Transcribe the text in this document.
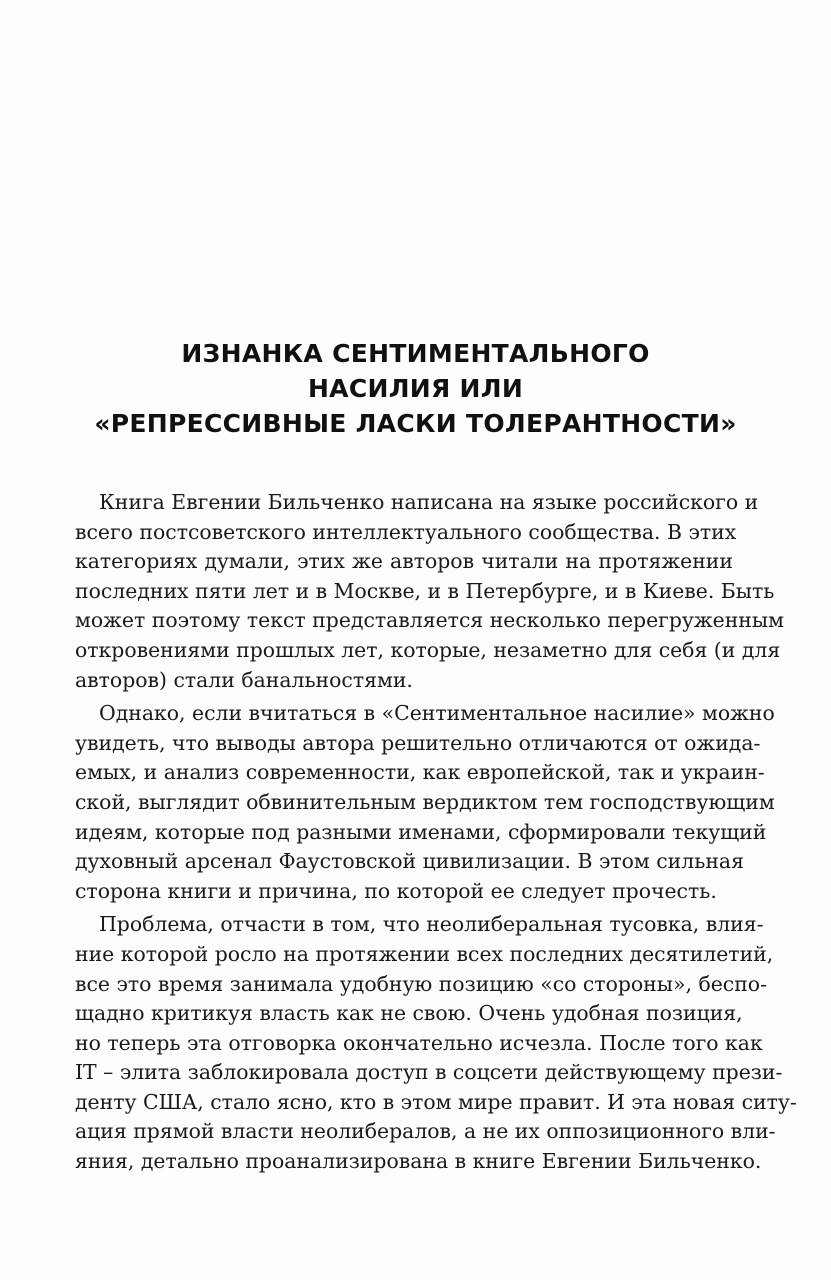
ИЗНАНКА СЕНТИМЕНТАЛЬНОГО
НАСИЛИЯ ИЛИ
«РЕПРЕССИВНЫЕ ЛАСКИ ТОЛЕРАНТНОСТИ»
Книга Евгении Бильченко написана на языке российского и
всего постсоветского интеллектуального сообщества. В этих
категориях думали, этих же авторов читали на протяжении
последних пяти лет и в Москве, и в Петербурге, и в Киеве. Быть
может поэтому текст представляется несколько перегруженным
откровениями прошлых лет, которые, незаметно для себя (и для
авторов) стали банальностями.
Однако, если вчитаться в «Сентиментальное насилие» можно
увидеть, что выводы автора решительно отличаются от ожида-
емых, и анализ современности, как европейской, так и украин-
ской, выглядит обвинительным вердиктом тем господствующим
идеям, которые под разными именами, сформировали текущий
духовный арсенал Фаустовской цивилизации. В этом сильная
сторона книги и причина, по которой ее следует прочесть.
Проблема, отчасти в том, что неолиберальная тусовка, влия-
ние которой росло на протяжении всех последних десятилетий,
все это время занимала удобную позицию «со стороны», беспо-
щадно критикуя власть как не свою. Очень удобная позиция,
но теперь эта отговорка окончательно исчезла. После того как
IT – элита заблокировала доступ в соцсети действующему прези-
денту США, стало ясно, кто в этом мире правит. И эта новая ситу-
ация прямой власти неолибералов, а не их оппозиционного вли-
яния, детально проанализирована в книге Евгении Бильченко.
